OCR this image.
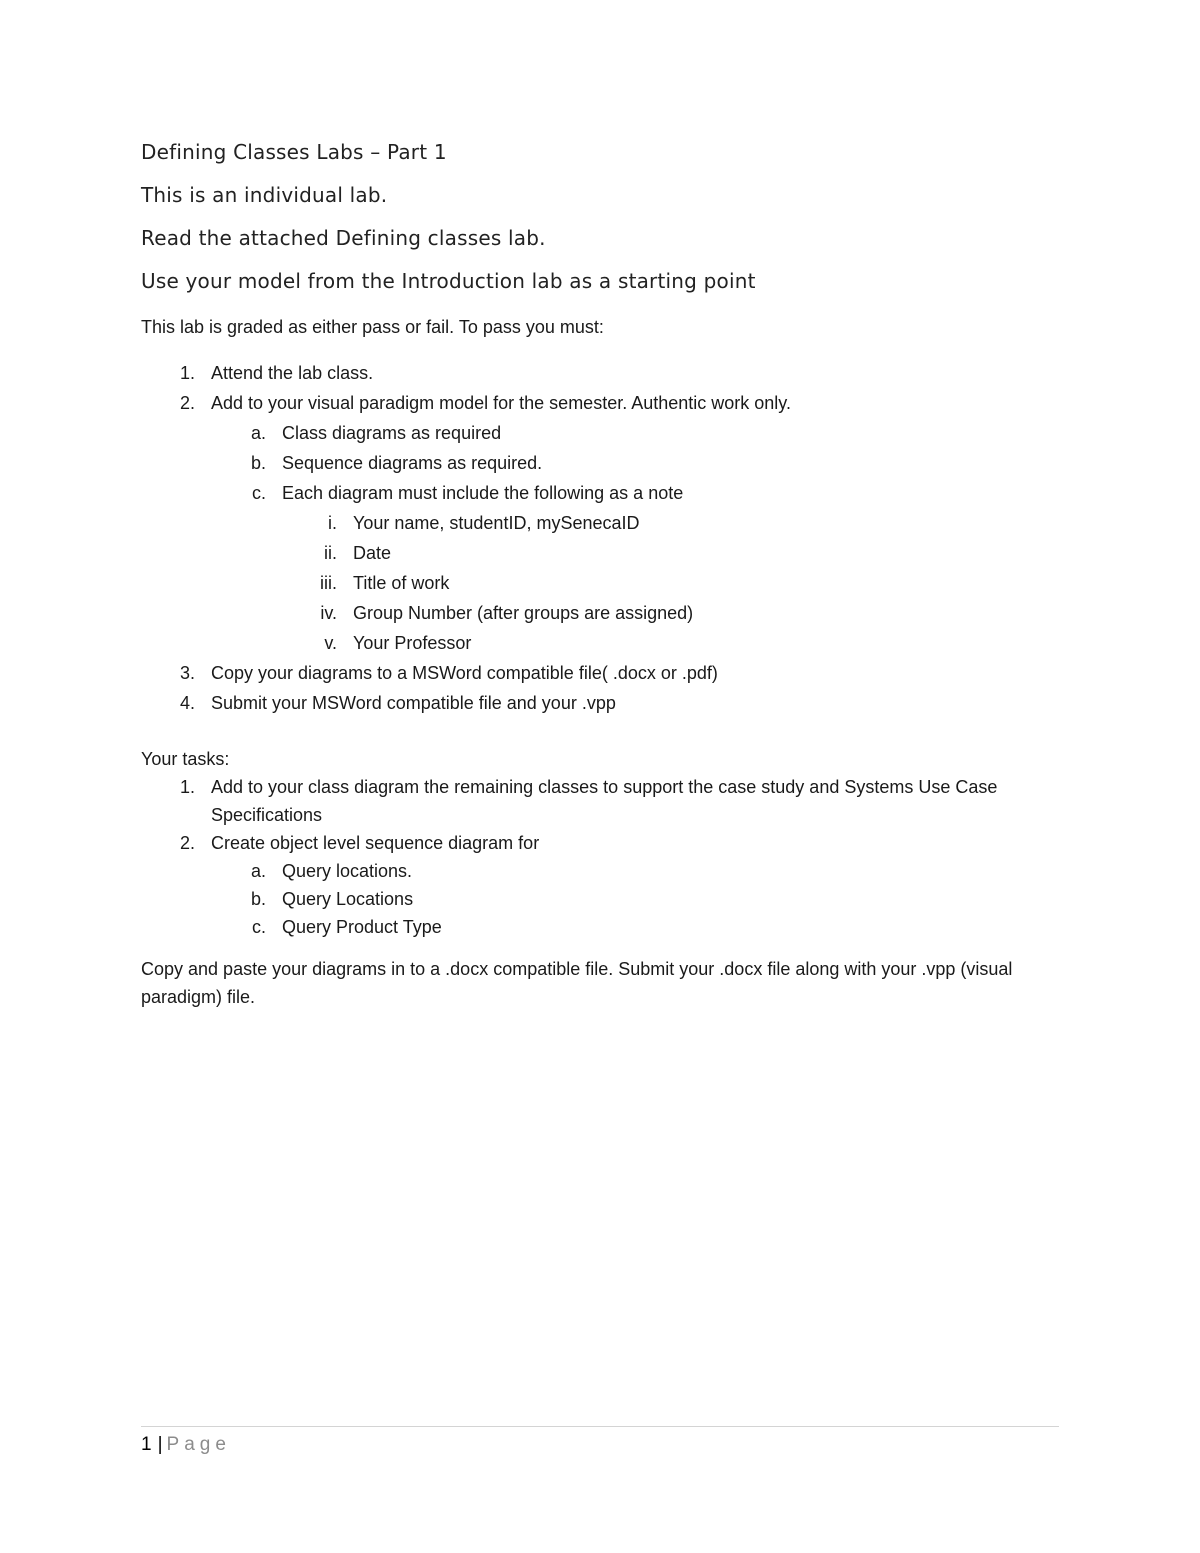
Defining Classes Labs – Part 1

This is an individual lab.

Read the attached Defining classes lab.

Use your model from the Introduction lab as a starting point

This lab is graded as either pass or fail. To pass you must:

1. Attend the lab class.
2. Add to your visual paradigm model for the semester. Authentic work only.
a. Class diagrams as required
b. Sequence diagrams as required.
c. Each diagram must include the following as a note
i. Your name, studentID, mySenecaID
ii. Date
iii. Title of work
iv. Group Number (after groups are assigned)
v. Your Professor
3. Copy your diagrams to a MSWord compatible file( .docx or .pdf)
4. Submit your MSWord compatible file and your .vpp

Your tasks:

1. Add to your class diagram the remaining classes to support the case study and Systems Use Case Specifications
2. Create object level sequence diagram for
a. Query locations.
b. Query Locations
c. Query Product Type

Copy and paste your diagrams in to a .docx compatible file. Submit your .docx file along with your .vpp (visual paradigm) file.

1 | Page
